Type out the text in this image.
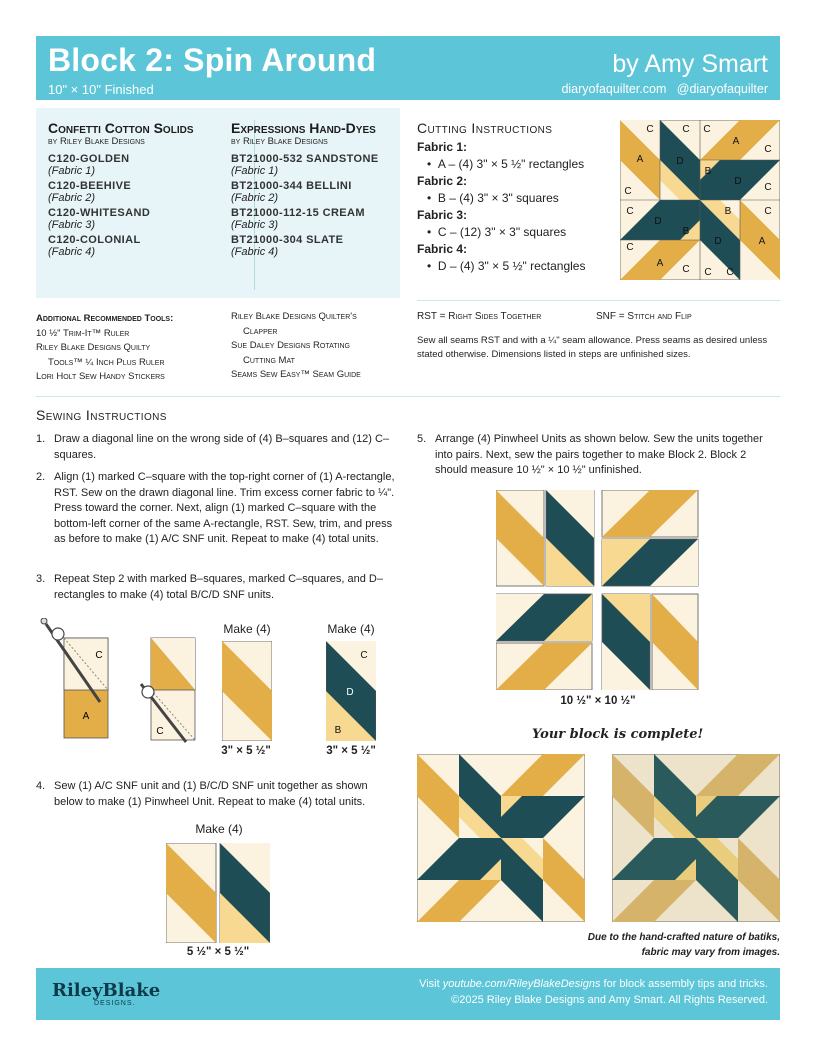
Block 2: Spin Around
10" × 10" Finished
by Amy Smart
diaryofaquilter.com @diaryofaquilter
Confetti Cotton Solids
by Riley Blake Designs
C120-GOLDEN
(Fabric 1)
C120-BEEHIVE
(Fabric 2)
C120-WHITESAND
(Fabric 3)
C120-COLONIAL
(Fabric 4)
Expressions Hand-Dyes
by Riley Blake Designs
BT21000-532 SANDSTONE
(Fabric 1)
BT21000-344 BELLINI
(Fabric 2)
BT21000-112-15 CREAM
(Fabric 3)
BT21000-304 SLATE
(Fabric 4)
Additional Recommended Tools:
10 ½" Trim-It™ Ruler
Riley Blake Designs Quilty
Tools™ ¼ Inch Plus Ruler
Lori Holt Sew Handy Stickers
Riley Blake Designs Quilter's
Clapper
Sue Daley Designs Rotating
Cutting Mat
Seams Sew Easy™ Seam Guide
Cutting Instructions
Fabric 1:
•  A – (4) 3" × 5 ½" rectangles
Fabric 2:
•  B – (4) 3" × 3" squares
Fabric 3:
•  C – (12) 3" × 3" squares
Fabric 4:
•  D – (4) 3" × 5 ½" rectangles
C	C C
A	D
C
A
C
B
D
C
C
D
B
C
A
C
B	C
D	A
C C
RST = Right Sides Together	SNF = Stitch and Flip
Sew all seams RST and with a ¼" seam allowance. Press seams as desired unless stated otherwise. Dimensions listed in steps are unfinished sizes.
Sewing Instructions
1. Draw a diagonal line on the wrong side of (4) B–squares and (12) C–squares.
2. Align (1) marked C–square with the top-right corner of (1) A-rectangle, RST. Sew on the drawn diagonal line. Trim excess corner fabric to ¼". Press toward the corner. Next, align (1) marked C–square with the bottom-left corner of the same A-rectangle, RST. Sew, trim, and press as before to make (1) A/C SNF unit. Repeat to make (4) total units.
3. Repeat Step 2 with marked B–squares, marked C–squares, and D–rectangles to make (4) total B/C/D SNF units.
C
A
C
Make (4)
3" × 5 ½"
Make (4)
C
D
B
3" × 5 ½"
4. Sew (1) A/C SNF unit and (1) B/C/D SNF unit together as shown below to make (1) Pinwheel Unit. Repeat to make (4) total units.
Make (4)
5 ½" × 5 ½"
5. Arrange (4) Pinwheel Units as shown below. Sew the units together into pairs. Next, sew the pairs together to make Block 2. Block 2 should measure 10 ½" × 10 ½" unfinished.
10 ½" × 10 ½"
Your block is complete!
Due to the hand-crafted nature of batiks, fabric may vary from images.
RileyBlake
DESIGNS.
Visit youtube.com/RileyBlakeDesigns for block assembly tips and tricks.
©2025 Riley Blake Designs and Amy Smart. All Rights Reserved.
